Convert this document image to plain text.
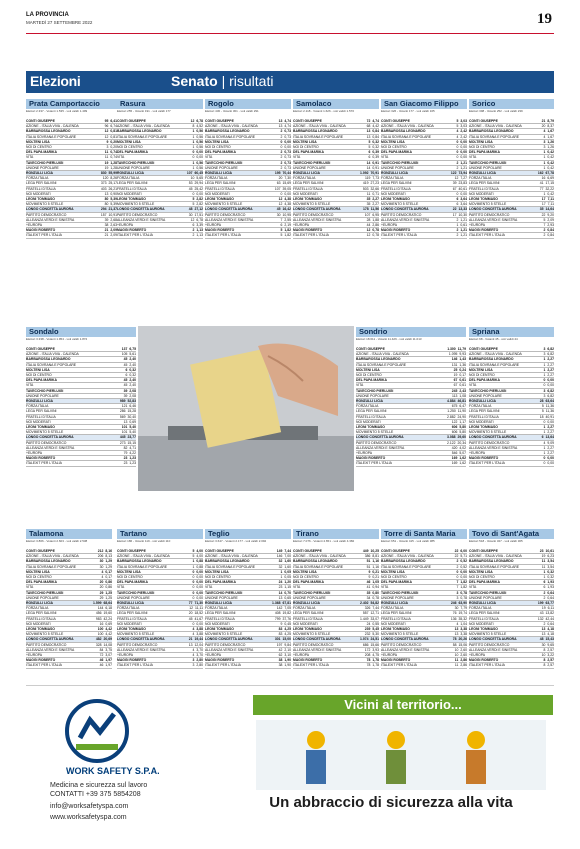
LA PROVINCIA
MARTEDÌ 27 SETTEMBRE 2022	19
Elezioni	Senato | risultati
Prata Camportaccio
Elettori 2.337 - Votanti 1.535 - voti validi 1.499
CONTI GIUSEPPE	95 6,41
AZIONE - ITALIA VIVA - CALENDA	96 6,74
BARBAROSSA LEONARDO	12 0,81
ITALIA SOVRANA E POPOLARE	12 0,81
MOLTENI LISA	9 0,20
NOI DI CENTRO	3 0,20
DEL PAPA MARIKA	11 0,74
VITA	11 0,74
TAVECCHIO PIERLUIGI	19 1,28
UNIONE POPOLARE	19 1,28
RONZULLI LICIA	830 55,99
FORZA ITALIA	120 8,26
LEGA PER SALVINI	373 25,17
FRATELLI D'ITALIA	403 26,21
NOI MODERATI	13 0,90
LEONI TOMMASO	80 5,39
MOVIMENTO 5 STELLE	80 5,39
LONGO CONCETTA AURORA	294 21,37
PARTITO DEMOCRATICO	157 10,91
ALLEANZA VERDI E SINISTRA	39 2,68
+EUROPA	38 2,63
MAGGI ROBERTO	21 2,09
ITALEXIT PER L'ITALIA	21 2,09
Rasura
Elettori 255 - Votanti 191 - voti validi 177
CONTI GIUSEPPE	12 6,78
AZIONE - ITALIA VIVA - CALENDA	8 4,52
BARBAROSSA LEONARDO	1 0,56
ITALIA SOVRANA E POPOLARE	1 0,56
MOLTENI LISA	1 0,56
NOI DI CENTRO	1 0,56
DEL PAPA MARIKA	0 0,00
VITA	0 0,00
TAVECCHIO PIERLUIGI	1 0,56
UNIONE POPOLARE	1 0,56
RONZULLI LICIA	107 60,45
FORZA ITALIA	10 5,65
LEGA PER SALVINI	53 29,94
FRATELLI D'ITALIA	45 25,42
NOI MODERATI	0 0,00
LEONI TOMMASO	5 2,82
MOVIMENTO 5 STELLE	5 2,82
LONGO CONCETTA AURORA	48 27,12
PARTITO DEMOCRATICO	30 17,51
ALLEANZA VERDI E SINISTRA	12 6,78
+EUROPA	6 3,39
MAGGI ROBERTO	2 1,13
ITALEXIT PER L'ITALIA	2 1,13
Rogolo
Elettori 430 - Votanti 301 - voti validi 291
CONTI GIUSEPPE	13 4,74
AZIONE - ITALIA VIVA - CALENDA	13 4,74
BARBAROSSA LEONARDO	2 0,73
ITALIA SOVRANA E POPOLARE	2 0,73
MOLTENI LISA	0 0,00
NOI DI CENTRO	0 0,00
DEL PAPA MARIKA	2 0,73
VITA	2 0,73
TAVECCHIO PIERLUIGI	2 0,73
UNIONE POPOLARE	2 0,73
RONZULLI LICIA	195 70,44
FORZA ITALIA	20 7,30
LEGA PER SALVINI	63 15,69
FRATELLI D'ITALIA	107 39,05
NOI MODERATI	0 0,00
LEONI TOMMASO	12 4,38
MOVIMENTO 5 STELLE	12 4,38
LONGO CONCETTA AURORA	45 16,42
PARTITO DEMOCRATICO	30 10,95
ALLEANZA VERDI E SINISTRA	7 2,55
+EUROPA	6 2,19
MAGGI ROBERTO	5 1,82
ITALEXIT PER L'ITALIA	5 1,82
Samolaco
Elettori 2.118 - Votanti 1.626 - voti validi 1.570
CONTI GIUSEPPE	72 4,74
AZIONE - ITALIA VIVA - CALENDA	68 4,42
BARBAROSSA LEONARDO	13 0,84
ITALIA SOVRANA E POPOLARE	13 0,84
MOLTENI LISA	5 0,32
NOI DI CENTRO	5 0,32
DEL PAPA MARIKA	6 0,39
VITA	6 0,39
TAVECCHIO PIERLUIGI	14 0,91
UNIONE POPOLARE	14 0,91
RONZULLI LICIA	1.092 70,91
FORZA ITALIA	119 7,73
LEGA PER SALVINI	419 27,23
FRATELLI D'ITALIA	503 32,66
NOI MODERATI	11 0,71
LEONI TOMMASO	35 2,27
MOVIMENTO 5 STELLE	35 2,27
LONGO CONCETTA AURORA	178 11,56
PARTITO DEMOCRATICO	107 6,95
ALLEANZA VERDI E SINISTRA	28 1,88
+EUROPA	44 2,86
MAGGI ROBERTO	12 0,78
ITALEXIT PER L'ITALIA	12 0,78
San Giacomo Filippo
Elettori 326 - Votanti 177 - voti validi 165
CONTI GIUSEPPE	5 3,03
AZIONE - ITALIA VIVA - CALENDA	5 3,03
BARBAROSSA LEONARDO	4 2,42
ITALIA SOVRANA E POPOLARE	4 2,42
MOLTENI LISA	0 0,00
NOI DI CENTRO	0 0,00
DEL PAPA MARIKA	0 0,00
VITA	0 0,00
TAVECCHIO PIERLUIGI	2 1,21
UNIONE POPOLARE	2 1,21
RONZULLI LICIA	122 73,94
FORZA ITALIA	12 7,27
LEGA PER SALVINI	39 23,83
FRATELLI D'ITALIA	67 40,61
NOI MODERATI	0 0,00
LEONI TOMMASO	6 3,64
MOVIMENTO 5 STELLE	6 3,64
LONGO CONCETTA AURORA	22 13,33
PARTITO DEMOCRATICO	17 10,30
ALLEANZA VERDI E SINISTRA	2 1,21
+EUROPA	1 0,61
MAGGI ROBERTO	2 1,21
ITALEXIT PER L'ITALIA	2 1,21
Sorico
Elettori 398 - Votanti 252 - voti validi 239
CONTI GIUSEPPE	21 8,79
AZIONE - ITALIA VIVA - CALENDA	20 8,37
BARBAROSSA LEONARDO	4 1,67
ITALIA SOVRANA E POPOLARE	4 1,67
MOLTENI LISA	3 1,26
NOI DI CENTRO	3 1,26
DEL PAPA MARIKA	1 0,42
VITA	1 0,42
TAVECCHIO PIERLUIGI	1 0,42
UNIONE POPOLARE	1 0,42
RONZULLI LICIA	162 67,78
FORZA ITALIA	16 6,69
LEGA PER SALVINI	41 17,15
FRATELLI D'ITALIA	77 32,22
NOI MODERATI	1 0,42
LEONI TOMMASO	17 7,11
MOVIMENTO 5 STELLE	17 7,11
LONGO CONCETTA AURORA	35 14,64
PARTITO DEMOCRATICO	22 9,20
ALLEANZA VERDI E SINISTRA	5 2,09
+EUROPA	7 2,93
MAGGI ROBERTO	2 0,84
ITALEXIT PER L'ITALIA	2 0,84
Sondalo
Elettori 3.338 - Votanti 1.954 - voti validi 1.872
CONTI GIUSEPPE	137 6,75
AZIONE - ITALIA VIVA - CALENDA	105 5,61
BARBAROSSA LEONARDO	45 2,40
ITALIA SOVRANA E POPOLARE	45 2,40
MOLTENI LISA	6 0,32
NOI DI CENTRO	6 0,32
DEL PAPA MARIKA	45 2,40
VITA	45 2,40
TAVECCHIO PIERLUIGI	39 2,08
UNIONE POPOLARE	39 2,08
RONZULLI LICIA	989 52,83
FORZA ITALIA	121 6,46
LEGA PER SALVINI	286 15,28
FRATELLI D'ITALIA	569 30,40
NOI MODERATI	13 0,69
LEONI TOMMASO	101 5,40
MOVIMENTO 5 STELLE	101 5,40
LONGO CONCETTA AURORA	445 23,77
PARTITO DEMOCRATICO	273 15,15
ALLEANZA VERDI E SINISTRA	82 4,71
+EUROPA	79 4,22
MAGGI ROBERTO	23 1,23
ITALEXIT PER L'ITALIA	23 1,23
Sondrio
Elettori 18.611 - Votanti 11.426 - voti validi 11.013
CONTI GIUSEPPE	1.300 11,79
AZIONE - ITALIA VIVA - CALENDA	1.095 9,93
BARBAROSSA LEONARDO	146 1,43
ITALIA SOVRANA E POPOLARE	131 1,36
MOLTENI LISA	25 0,24
NOI DI CENTRO	19 0,17
DEL PAPA MARIKA	67 0,61
VITA	67 0,61
TAVECCHIO PIERLUIGI	245 2,43
UNIONE POPOLARE	113 1,08
RONZULLI LICIA	4.884 46,81
FORZA ITALIA	675 6,47
LEGA PER SALVINI	1.250 11,90
FRATELLI D'ITALIA	2.882 24,90
NOI MODERATI	122 1,17
LEONI TOMMASO	606 5,80
MOVIMENTO 5 STELLE	606 5,80
LONGO CONCETTA AURORA	3.088 29,60
PARTITO DEMOCRATICO	2.122 20,34
ALLEANZA VERDI E SINISTRA	420 4,02
+EUROPA	546 5,07
MAGGI ROBERTO	169 1,62
ITALEXIT PER L'ITALIA	169 1,62
Spriana
Elettori 68 - Votanti 45 - voti validi 44
CONTI GIUSEPPE	3 6,82
AZIONE - ITALIA VIVA - CALENDA	3 6,82
BARBAROSSA LEONARDO	1 2,27
ITALIA SOVRANA E POPOLARE	1 2,27
MOLTENI LISA	1 2,27
NOI DI CENTRO	1 2,27
DEL PAPA MARIKA	0 0,00
VITA	0 0,00
TAVECCHIO PIERLUIGI	3 6,82
UNIONE POPOLARE	3 6,82
RONZULLI LICIA	28 63,64
FORZA ITALIA	5 11,36
LEGA PER SALVINI	5 11,36
FRATELLI D'ITALIA	18 40,91
NOI MODERATI	0 0,00
LEONI TOMMASO	1 2,27
MOVIMENTO 5 STELLE	1 2,27
LONGO CONCETTA AURORA	6 13,64
PARTITO DEMOCRATICO	4 9,09
ALLEANZA VERDI E SINISTRA	1 2,27
+EUROPA	1 2,27
MAGGI ROBERTO	0 0,00
ITALEXIT PER L'ITALIA	0 0,00
Talamona
Elettori 3.866 - Votanti 2.603 - voti validi 2.538
CONTI GIUSEPPE	212 8,16
AZIONE - ITALIA VIVA - CALENDA	206 8,13
BARBAROSSA LEONARDO	30 1,29
ITALIA SOVRANA E POPOLARE	30 1,29
MOLTENI LISA	4 0,17
NOI DI CENTRO	4 0,17
DEL PAPA MARIKA	20 0,86
VITA	20 0,86
TAVECCHIO PIERLUIGI	29 1,25
UNIONE POPOLARE	29 1,25
RONZULLI LICIA	1.599 68,64
FORZA ITALIA	144 6,18
LEGA PER SALVINI	456 19,60
FRATELLI D'ITALIA	983 42,24
NOI MODERATI	16 0,69
LEONI TOMMASO	100 4,42
MOVIMENTO 5 STELLE	100 4,42
LONGO CONCETTA AURORA	482 20,69
PARTITO DEMOCRATICO	328 14,08
ALLEANZA VERDI E SINISTRA	84 3,75
+EUROPA	72 3,07
MAGGI ROBERTO	46 1,97
ITALEXIT PER L'ITALIA	46 1,97
Tartano
Elettori 186 - Votanti 119 - voti validi 110
CONTI GIUSEPPE	5 4,00
AZIONE - ITALIA VIVA - CALENDA	5 4,00
BARBAROSSA LEONARDO	1 0,88
ITALIA SOVRANA E POPOLARE	1 0,88
MOLTENI LISA	0 0,00
NOI DI CENTRO	0 0,00
DEL PAPA MARIKA	0 0,00
VITA	0 0,00
TAVECCHIO PIERLUIGI	0 0,00
UNIONE POPOLARE	0 0,00
RONZULLI LICIA	77 71,30
FORZA ITALIA	12 11,11
LEGA PER SALVINI	20 18,52
FRATELLI D'ITALIA	45 41,67
NOI MODERATI	0 0,00
LEONI TOMMASO	4 3,88
MOVIMENTO 5 STELLE	4 3,88
LONGO CONCETTA AURORA	21 19,44
PARTITO DEMOCRATICO	13 12,04
ALLEANZA VERDI E SINISTRA	4 3,70
+EUROPA	4 3,70
MAGGI ROBERTO	3 2,80
ITALEXIT PER L'ITALIA	3 2,80
Teglio
Elettori 3.647 - Votanti 2.177 - voti validi 2.092
CONTI GIUSEPPE	149 7,44
AZIONE - ITALIA VIVA - CALENDA	146 7,00
BARBAROSSA LEONARDO	32 1,60
ITALIA SOVRANA E POPOLARE	32 1,60
MOLTENI LISA	1 0,05
NOI DI CENTRO	1 0,05
DEL PAPA MARIKA	24 1,20
VITA	23 1,15
TAVECCHIO PIERLUIGI	14 0,70
UNIONE POPOLARE	13 0,65
RONZULLI LICIA	1.368 67,81
FORZA ITALIA	142 7,05
LEGA PER SALVINI	408 19,82
FRATELLI D'ITALIA	799 37,76
NOI MODERATI	9 0,45
LEONI TOMMASO	83 4,25
MOVIMENTO 5 STELLE	83 4,25
LONGO CONCETTA AURORA	301 15,00
PARTITO DEMOCRATICO	197 9,84
ALLEANZA VERDI E SINISTRA	42 2,10
+EUROPA	62 3,10
MAGGI ROBERTO	38 1,90
ITALEXIT PER L'ITALIA	38 1,90
Tirano
Elettori 7.076 - Votanti 4.651 - voti validi 4.382
CONTI GIUSEPPE	449 10,25
AZIONE - ITALIA VIVA - CALENDA	386 8,81
BARBAROSSA LEONARDO	51 1,16
ITALIA SOVRANA E POPOLARE	51 1,16
MOLTENI LISA	9 0,21
NOI DI CENTRO	9 0,21
DEL PAPA MARIKA	46 1,05
VITA	41 0,94
TAVECCHIO PIERLUIGI	35 0,80
UNIONE POPOLARE	34 0,78
RONZULLI LICIA	2.402 54,82
FORZA ITALIA	326 7,44
LEGA PER SALVINI	557 12,71
FRATELLI D'ITALIA	1.449 33,07
NOI MODERATI	24 0,55
LEONI TOMMASO	239 5,45
MOVIMENTO 5 STELLE	232 5,30
LONGO CONCETTA AURORA	1.074 24,51
PARTITO DEMOCRATICO	686 15,66
ALLEANZA VERDI E SINISTRA	172 3,93
+EUROPA	208 4,75
MAGGI ROBERTO	78 1,78
ITALEXIT PER L'ITALIA	78 1,78
Torre di Santa Maria
Elettori 651 - Votanti 415 - voti validi 385
CONTI GIUSEPPE	22 6,00
AZIONE - ITALIA VIVA - CALENDA	22 5,71
BARBAROSSA LEONARDO	2 0,52
ITALIA SOVRANA E POPOLARE	2 0,52
MOLTENI LISA	0 0,00
NOI DI CENTRO	0 0,00
DEL PAPA MARIKA	7 1,82
VITA	7 1,82
TAVECCHIO PIERLUIGI	3 0,78
UNIONE POPOLARE	3 0,78
RONZULLI LICIA	246 63,90
FORZA ITALIA	30 7,79
LEGA PER SALVINI	76 19,74
FRATELLI D'ITALIA	136 35,32
NOI MODERATI	4 1,04
LEONI TOMMASO	13 3,38
MOVIMENTO 5 STELLE	13 3,38
LONGO CONCETTA AURORA	78 20,26
PARTITO DEMOCRATICO	58 15,06
ALLEANZA VERDI E SINISTRA	10 2,60
+EUROPA	10 2,60
MAGGI ROBERTO	11 2,86
ITALEXIT PER L'ITALIA	11 2,86
Tovo di Sant'Agata
Elettori 518 - Votanti 327 - voti validi 305
CONTI GIUSEPPE	23 10,61
AZIONE - ITALIA VIVA - CALENDA	19 6,23
BARBAROSSA LEONARDO	11 3,54
ITALIA SOVRANA E POPOLARE	11 3,54
MOLTENI LISA	1 0,32
NOI DI CENTRO	1 0,32
DEL PAPA MARIKA	6 1,93
VITA	6 1,93
TAVECCHIO PIERLUIGI	2 0,64
UNIONE POPOLARE	2 0,64
RONZULLI LICIA	199 63,77
FORZA ITALIA	19 6,11
LEGA PER SALVINI	43 13,82
FRATELLI D'ITALIA	132 42,44
NOI MODERATI	2 0,64
LEONI TOMMASO	13 4,18
MOVIMENTO 5 STELLE	13 4,18
LONGO CONCETTA AURORA	48 15,43
PARTITO DEMOCRATICO	30 9,65
ALLEANZA VERDI E SINISTRA	8 2,57
+EUROPA	10 3,22
MAGGI ROBERTO	8 2,57
ITALEXIT PER L'ITALIA	8 2,57
WORK SAFETY S.P.A.
Medicina e sicurezza sul lavoro
CONTATTI +39 375 5854208
info@worksafetyspa.com
www.worksafetyspa.com
Vicini al territorio...
Un abbraccio di sicurezza alla vita
